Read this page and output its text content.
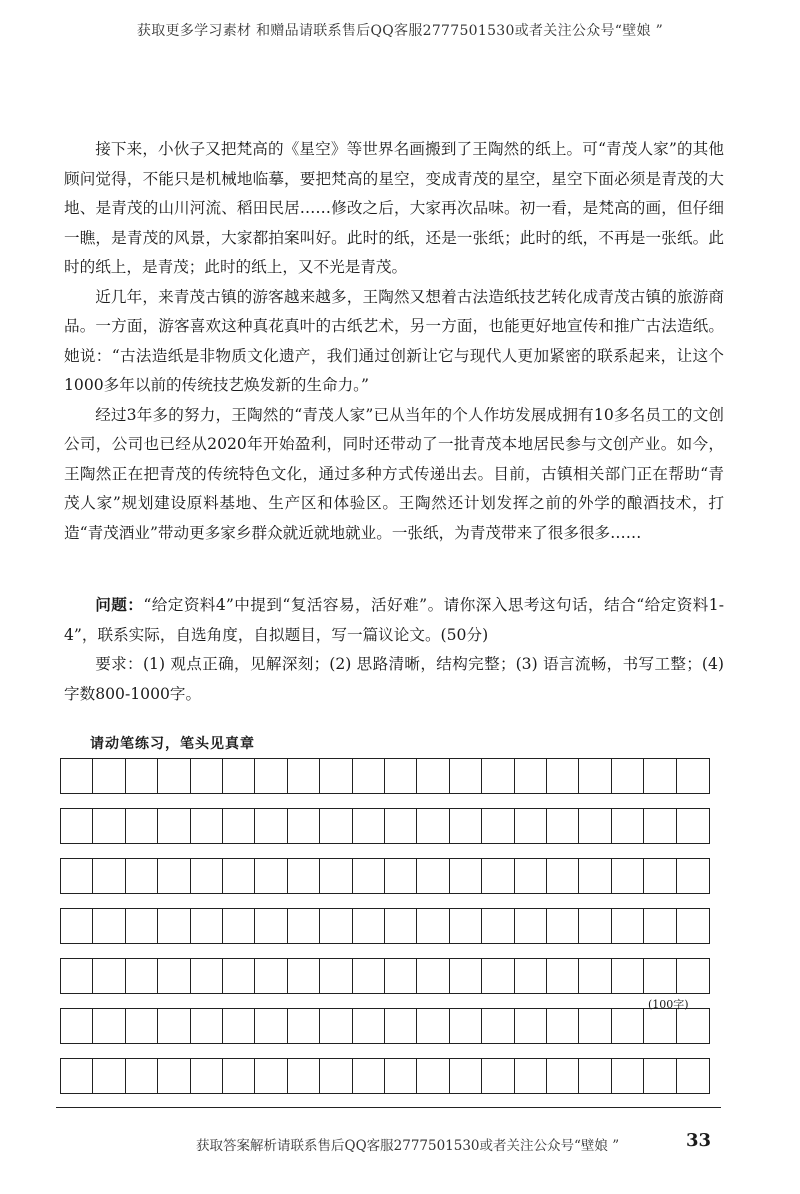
获取更多学习素材 和赠品请联系售后QQ客服2777501530或者关注公众号“壁娘 ”

接下来，小伙子又把梵高的《星空》等世界名画搬到了王陶然的纸上。可“青茂人家”的其他顾问觉得，不能只是机械地临摹，要把梵高的星空，变成青茂的星空，星空下面必须是青茂的大地、是青茂的山川河流、稻田民居……修改之后，大家再次品味。初一看，是梵高的画，但仔细一瞧，是青茂的风景，大家都拍案叫好。此时的纸，还是一张纸；此时的纸，不再是一张纸。此时的纸上，是青茂；此时的纸上，又不光是青茂。

近几年，来青茂古镇的游客越来越多，王陶然又想着古法造纸技艺转化成青茂古镇的旅游商品。一方面，游客喜欢这种真花真叶的古纸艺术，另一方面，也能更好地宣传和推广古法造纸。她说：“古法造纸是非物质文化遗产，我们通过创新让它与现代人更加紧密的联系起来，让这个1000多年以前的传统技艺焕发新的生命力。”

经过3年多的努力，王陶然的“青茂人家”已从当年的个人作坊发展成拥有10多名员工的文创公司，公司也已经从2020年开始盈利，同时还带动了一批青茂本地居民参与文创产业。如今，王陶然正在把青茂的传统特色文化，通过多种方式传递出去。目前，古镇相关部门正在帮助“青茂人家”规划建设原料基地、生产区和体验区。王陶然还计划发挥之前的外学的酿酒技术，打造“青茂酒业”带动更多家乡群众就近就地就业。一张纸，为青茂带来了很多很多……

问题：“给定资料4”中提到“复活容易，活好难”。请你深入思考这句话，结合“给定资料1-4”，联系实际，自选角度，自拟题目，写一篇议论文。(50分)

要求：(1) 观点正确，见解深刻；(2) 思路清晰，结构完整；(3) 语言流畅，书写工整；(4) 字数800-1000字。

请动笔练习，笔头见真章
(100字)
获取答案解析请联系售后QQ客服2777501530或者关注公众号“壁娘 ”	33
